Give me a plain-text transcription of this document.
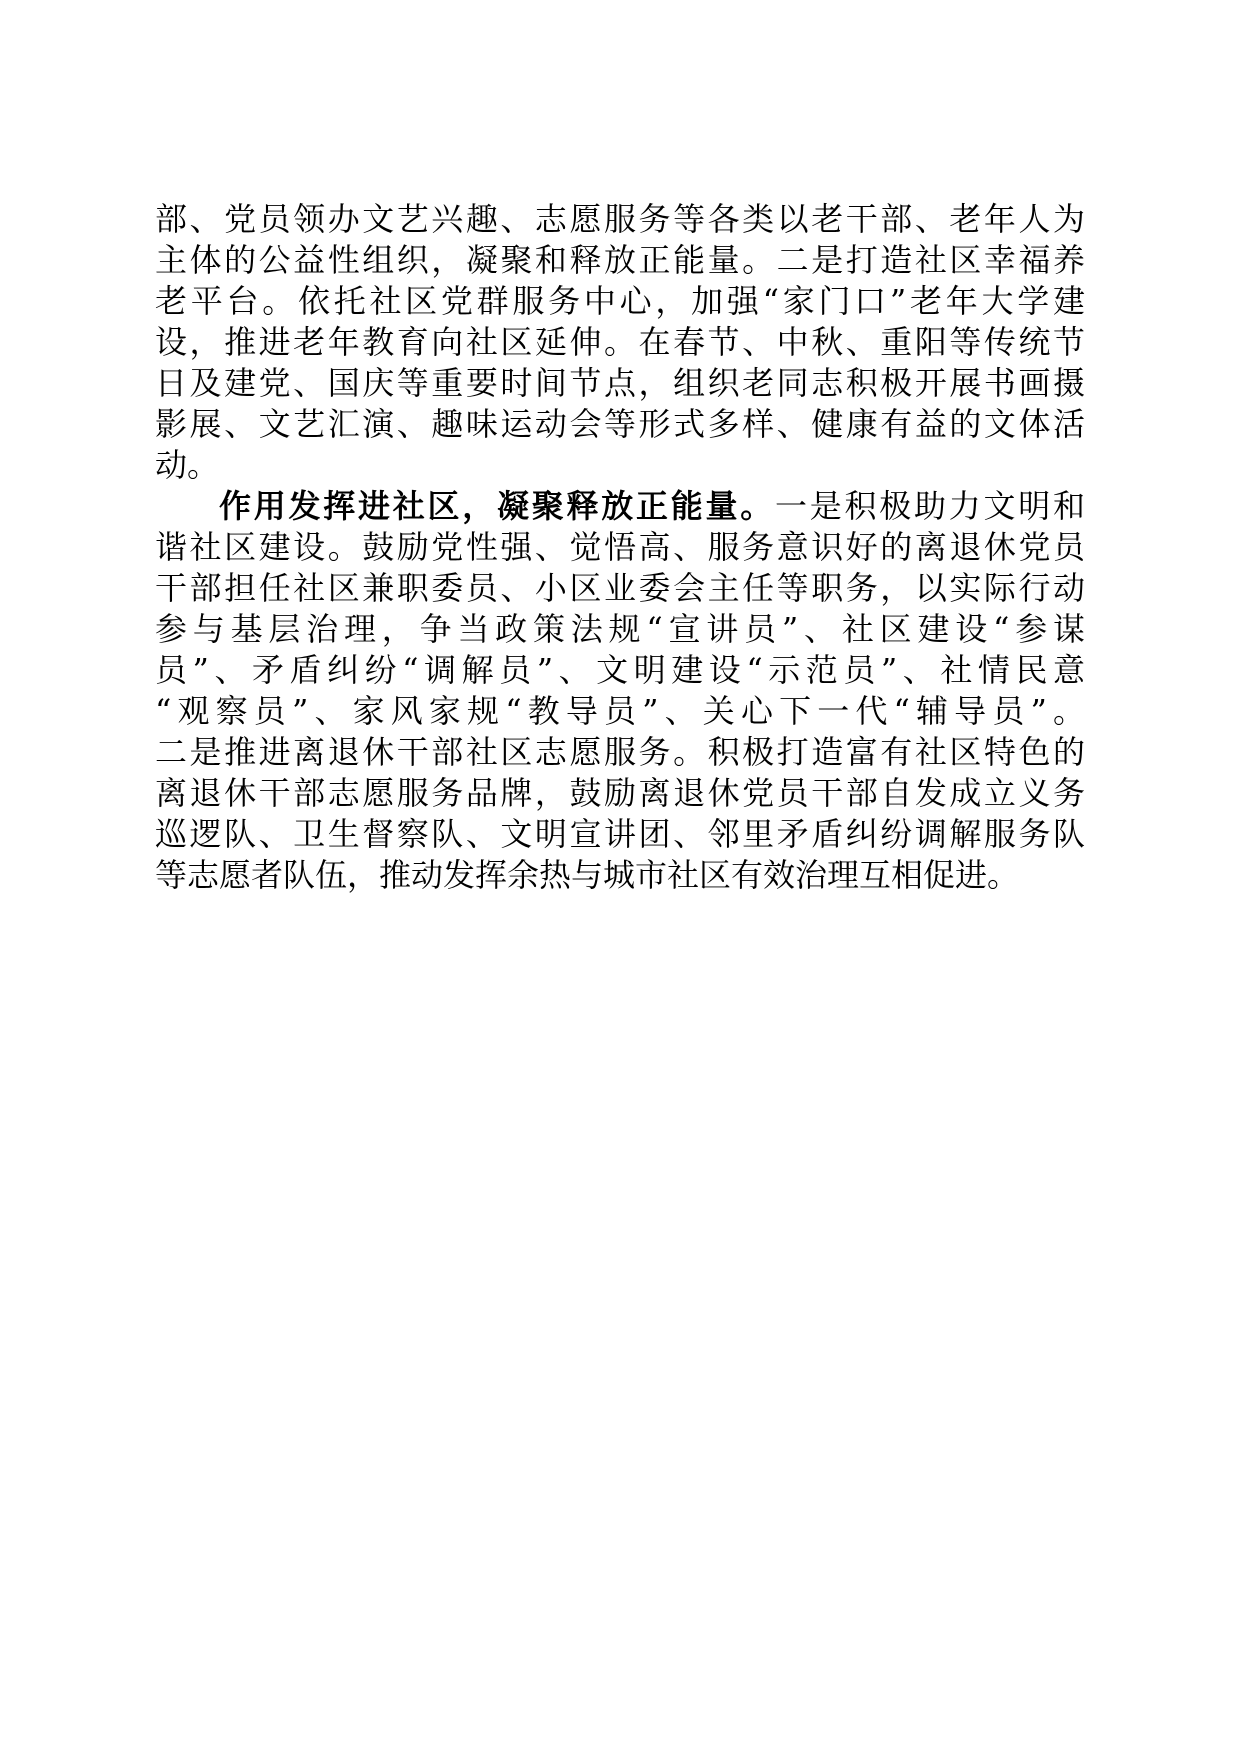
部、党员领办文艺兴趣、志愿服务等各类以老干部、老年人为

主体的公益性组织，凝聚和释放正能量。二是打造社区幸福养

老平台。依托社区党群服务中心，加强“家门口”老年大学建

设，推进老年教育向社区延伸。在春节、中秋、重阳等传统节

日及建党、国庆等重要时间节点，组织老同志积极开展书画摄

影展、文艺汇演、趣味运动会等形式多样、健康有益的文体活

动。

作用发挥进社区，凝聚释放正能量。一是积极助力文明和

谐社区建设。鼓励党性强、觉悟高、服务意识好的离退休党员

干部担任社区兼职委员、小区业委会主任等职务，以实际行动

参与基层治理，争当政策法规“宣讲员”、社区建设“参谋

员”、矛盾纠纷“调解员”、文明建设“示范员”、社情民意

“观察员”、家风家规“教导员”、关心下一代“辅导员”。

二是推进离退休干部社区志愿服务。积极打造富有社区特色的

离退休干部志愿服务品牌，鼓励离退休党员干部自发成立义务

巡逻队、卫生督察队、文明宣讲团、邻里矛盾纠纷调解服务队

等志愿者队伍，推动发挥余热与城市社区有效治理互相促进。
